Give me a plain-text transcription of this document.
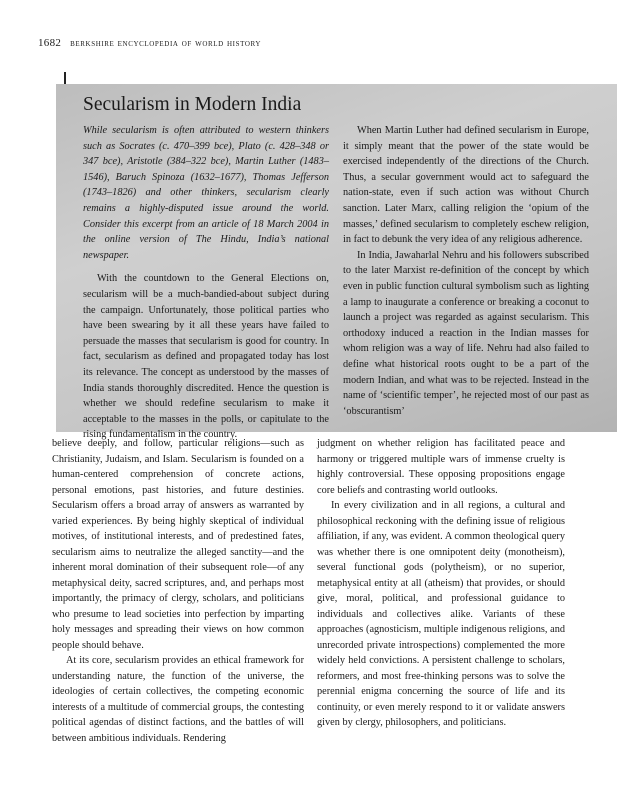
1682 berkshire encyclopedia of world history
Secularism in Modern India

While secularism is often attributed to western thinkers such as Socrates (c. 470–399 bce), Plato (c. 428–348 or 347 bce), Aristotle (384–322 bce), Martin Luther (1483–1546), Baruch Spinoza (1632–1677), Thomas Jefferson (1743–1826) and other thinkers, secularism clearly remains a highly-disputed issue around the world. Consider this excerpt from an article of 18 March 2004 in the online version of The Hindu, India’s national newspaper.

With the countdown to the General Elections on, secularism will be a much-bandied-about subject during the campaign. Unfortunately, those political parties who have been swearing by it all these years have failed to persuade the masses that secularism is good for country. In fact, secularism as defined and propagated today has lost its relevance. The concept as understood by the masses of India stands thoroughly discredited. Hence the question is whether we should redefine secularism to make it acceptable to the masses in the polls, or capitulate to the rising fundamentalism in the country.

When Martin Luther had defined secularism in Europe, it simply meant that the power of the state would be exercised independently of the directions of the Church. Thus, a secular government would act to safeguard the nation-state, even if such action was without Church sanction. Later Marx, calling religion the ‘opium of the masses,’ defined secularism to completely eschew religion, in fact to debunk the very idea of any religious adherence.

In India, Jawaharlal Nehru and his followers subscribed to the later Marxist re-definition of the concept by which even in public function cultural symbolism such as lighting a lamp to inaugurate a conference or breaking a coconut to launch a project was regarded as against secularism. This orthodoxy induced a reaction in the Indian masses for whom religion was a way of life. Nehru had also failed to define what historical roots ought to be a part of the modern Indian, and what was to be rejected. Instead in the name of ‘scientific temper’, he rejected most of our past as ‘obscurantism’

believe deeply, and follow, particular religions—such as Christianity, Judaism, and Islam. Secularism is founded on a human-centered comprehension of concrete actions, personal emotions, past histories, and future destinies. Secularism offers a broad array of answers as warranted by varied experiences. By being highly skeptical of individual motives, of institutional interests, and of predestined fates, secularism aims to neutralize the alleged sanctity—and the inherent moral domination of their subsequent role—of any metaphysical deity, sacred scriptures, and, and perhaps most importantly, the primacy of clergy, scholars, and politicians who presume to lead societies into perfection by imparting holy messages and spreading their views on how common people should behave.

At its core, secularism provides an ethical framework for understanding nature, the function of the universe, the ideologies of certain collectives, the competing economic interests of a multitude of commercial groups, the contesting political agendas of distinct factions, and the battles of will between ambitious individuals. Rendering

judgment on whether religion has facilitated peace and harmony or triggered multiple wars of immense cruelty is highly controversial. These opposing propositions engage core beliefs and contrasting world outlooks.

In every civilization and in all regions, a cultural and philosophical reckoning with the defining issue of religious affiliation, if any, was evident. A common theological query was whether there is one omnipotent deity (monotheism), several functional gods (polytheism), or no superior, metaphysical entity at all (atheism) that provides, or should give, moral, political, and professional guidance to individuals and collectives alike. Variants of these approaches (agnosticism, multiple indigenous religions, and unrecorded private introspections) complemented the more widely held convictions. A persistent challenge to scholars, reformers, and most free-thinking persons was to solve the perennial enigma concerning the source of life and its continuity, or even merely respond to it or validate answers given by clergy, philosophers, and politicians.
